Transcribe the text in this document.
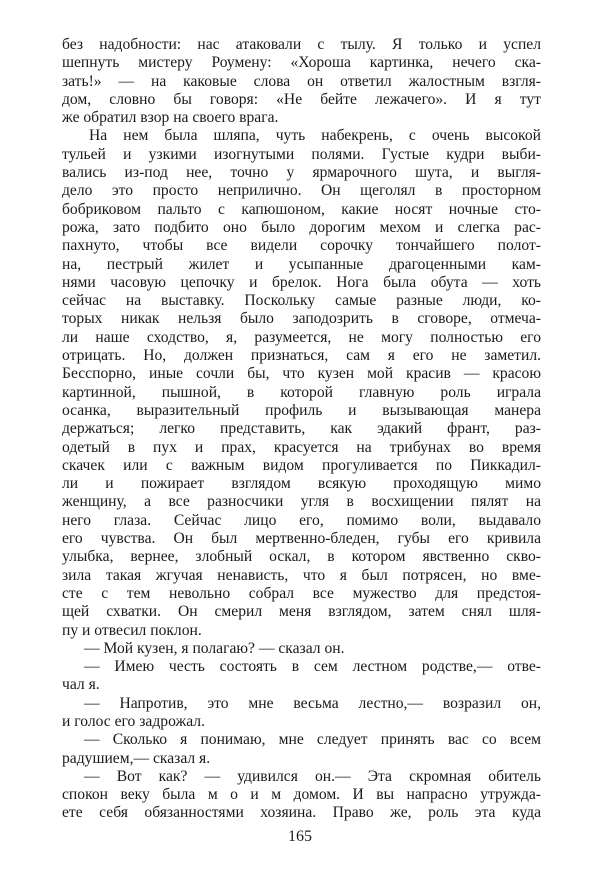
без надобности: нас атаковали с тылу. Я только и успел
шепнуть мистеру Роумену: «Хороша картинка, нечего ска-
зать!» — на каковые слова он ответил жалостным взгля-
дом, словно бы говоря: «Не бейте лежачего». И я тут
же обратил взор на своего врага.
На нем была шляпа, чуть набекрень, с очень высокой
тульей и узкими изогнутыми полями. Густые кудри выби-
вались из-под нее, точно у ярмарочного шута, и выгля-
дело это просто неприлично. Он щеголял в просторном
бобриковом пальто с капюшоном, какие носят ночные сто-
рожа, зато подбито оно было дорогим мехом и слегка рас-
пахнуто, чтобы все видели сорочку тончайшего полот-
на, пестрый жилет и усыпанные драгоценными кам-
нями часовую цепочку и брелок. Нога была обута — хоть
сейчас на выставку. Поскольку самые разные люди, ко-
торых никак нельзя было заподозрить в сговоре, отмеча-
ли наше сходство, я, разумеется, не могу полностью его
отрицать. Но, должен признаться, сам я его не заметил.
Бесспорно, иные сочли бы, что кузен мой красив — красою
картинной, пышной, в которой главную роль играла
осанка, выразительный профиль и вызывающая манера
держаться; легко представить, как эдакий франт, раз-
одетый в пух и прах, красуется на трибунах во время
скачек или с важным видом прогуливается по Пиккадил-
ли и пожирает взглядом всякую проходящую мимо
женщину, а все разносчики угля в восхищении пялят на
него глаза. Сейчас лицо его, помимо воли, выдавало
его чувства. Он был мертвенно-бледен, губы его кривила
улыбка, вернее, злобный оскал, в котором явственно скво-
зила такая жгучая ненависть, что я был потрясен, но вме-
сте с тем невольно собрал все мужество для предстоя-
щей схватки. Он смерил меня взглядом, затем снял шля-
пу и отвесил поклон.
— Мой кузен, я полагаю? — сказал он.
— Имею честь состоять в сем лестном родстве,— отве-
чал я.
— Напротив, это мне весьма лестно,— возразил он,
и голос его задрожал.
— Сколько я понимаю, мне следует принять вас со всем
радушием,— сказал я.
— Вот как? — удивился он.— Эта скромная обитель
спокон веку была м о и м домом. И вы напрасно утружда-
ете себя обязанностями хозяина. Право же, роль эта куда
165
